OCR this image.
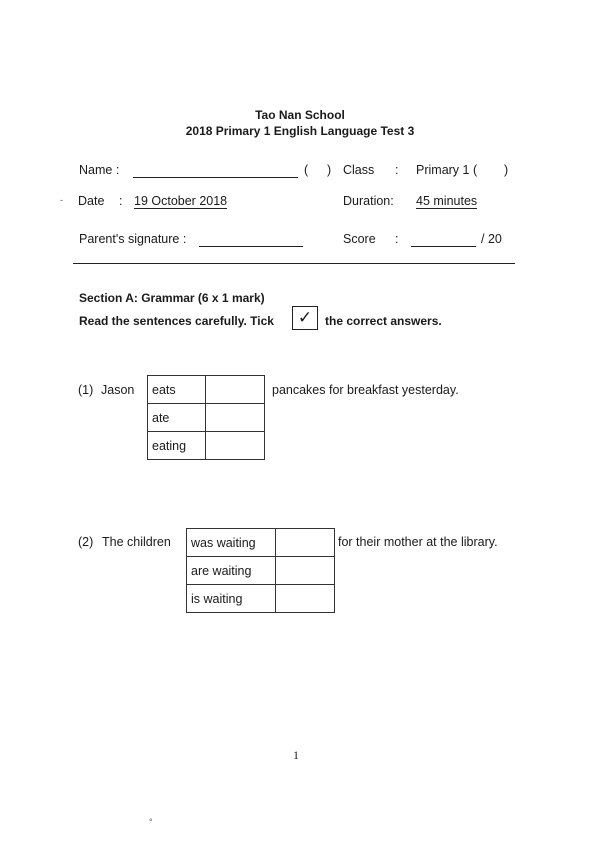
Tao Nan School
2018 Primary 1 English Language Test 3
Name :	( ) Class : Primary 1 ( )
- Date : 19 October 2018	Duration: 45 minutes
Parent's signature :	Score :	/ 20
Section A: Grammar (6 x 1 mark)
Read the sentences carefully. Tick	✓	the correct answers.
(1) Jason eats	
ate	
eating	
pancakes for breakfast yesterday.
(2) The children was waiting	
are waiting	
is waiting	
for their mother at the library.
1
°
